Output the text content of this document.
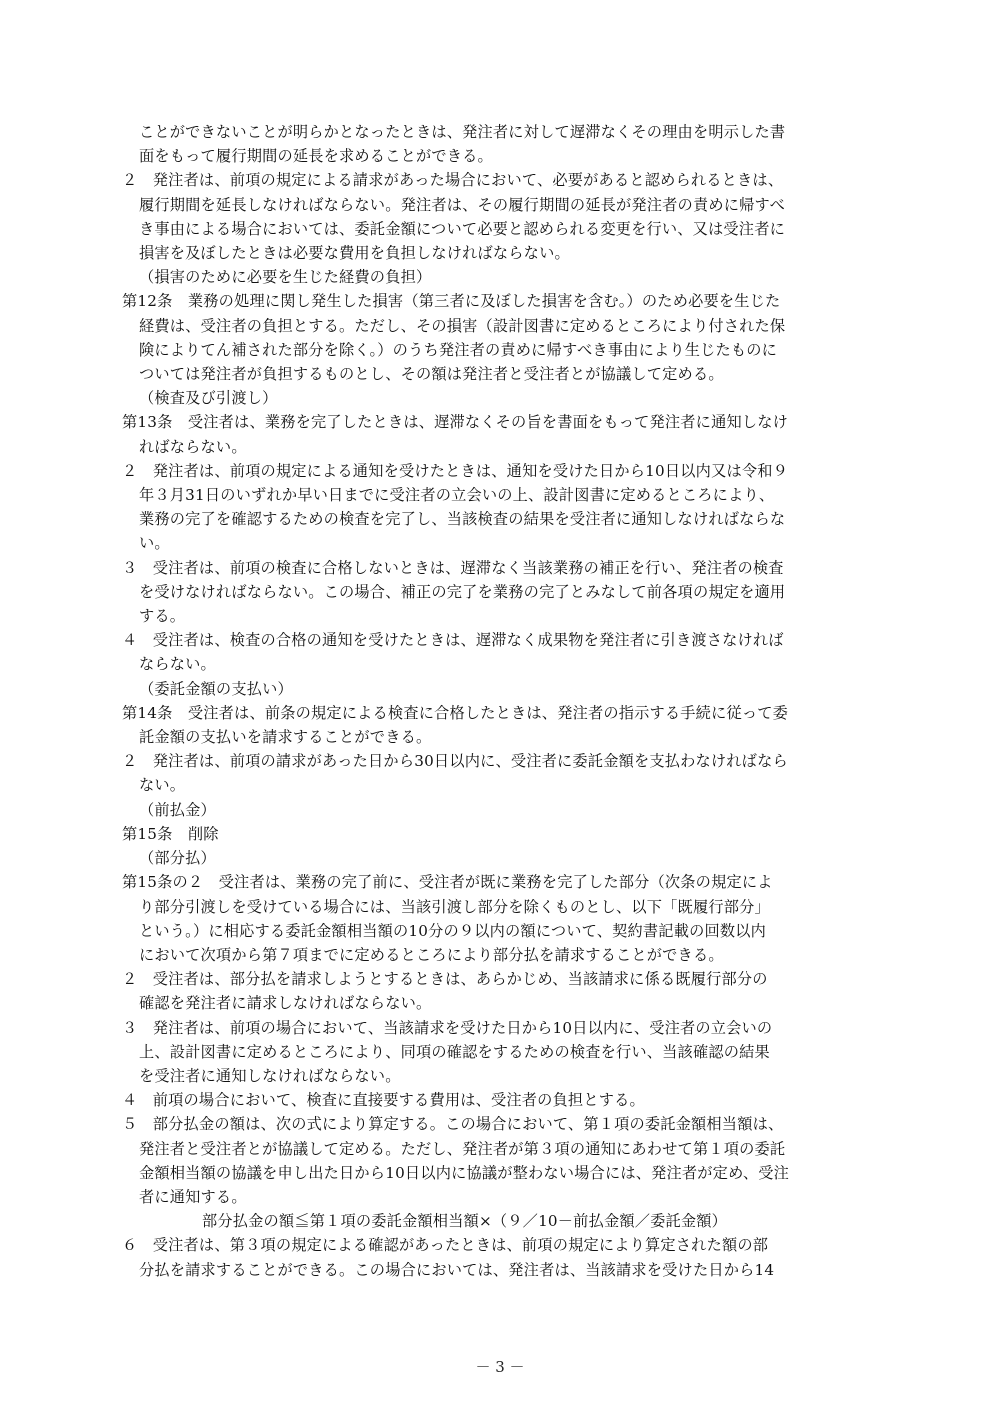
ことができないことが明らかとなったときは、発注者に対して遅滞なくその理由を明示した書
面をもって履行期間の延長を求めることができる。
２　発注者は、前項の規定による請求があった場合において、必要があると認められるときは、
履行期間を延長しなければならない。発注者は、その履行期間の延長が発注者の責めに帰すべ
き事由による場合においては、委託金額について必要と認められる変更を行い、又は受注者に
損害を及ぼしたときは必要な費用を負担しなければならない。
（損害のために必要を生じた経費の負担）
第12条　業務の処理に関し発生した損害（第三者に及ぼした損害を含む。）のため必要を生じた
経費は、受注者の負担とする。ただし、その損害（設計図書に定めるところにより付された保
険によりてん補された部分を除く。）のうち発注者の責めに帰すべき事由により生じたものに
ついては発注者が負担するものとし、その額は発注者と受注者とが協議して定める。
（検査及び引渡し）
第13条　受注者は、業務を完了したときは、遅滞なくその旨を書面をもって発注者に通知しなけ
ればならない。
２　発注者は、前項の規定による通知を受けたときは、通知を受けた日から10日以内又は令和９
年３月31日のいずれか早い日までに受注者の立会いの上、設計図書に定めるところにより、
業務の完了を確認するための検査を完了し、当該検査の結果を受注者に通知しなければならな
い。
３　受注者は、前項の検査に合格しないときは、遅滞なく当該業務の補正を行い、発注者の検査
を受けなければならない。この場合、補正の完了を業務の完了とみなして前各項の規定を適用
する。
４　受注者は、検査の合格の通知を受けたときは、遅滞なく成果物を発注者に引き渡さなければ
ならない。
（委託金額の支払い）
第14条　受注者は、前条の規定による検査に合格したときは、発注者の指示する手続に従って委
託金額の支払いを請求することができる。
２　発注者は、前項の請求があった日から30日以内に、受注者に委託金額を支払わなければなら
ない。
（前払金）
第15条　削除
（部分払）
第15条の２　受注者は、業務の完了前に、受注者が既に業務を完了した部分（次条の規定によ
り部分引渡しを受けている場合には、当該引渡し部分を除くものとし、以下「既履行部分」
という。）に相応する委託金額相当額の10分の９以内の額について、契約書記載の回数以内
において次項から第７項までに定めるところにより部分払を請求することができる。
２　受注者は、部分払を請求しようとするときは、あらかじめ、当該請求に係る既履行部分の
確認を発注者に請求しなければならない。
３　発注者は、前項の場合において、当該請求を受けた日から10日以内に、受注者の立会いの
上、設計図書に定めるところにより、同項の確認をするための検査を行い、当該確認の結果
を受注者に通知しなければならない。
４　前項の場合において、検査に直接要する費用は、受注者の負担とする。
５　部分払金の額は、次の式により算定する。この場合において、第１項の委託金額相当額は、
発注者と受注者とが協議して定める。ただし、発注者が第３項の通知にあわせて第１項の委託
金額相当額の協議を申し出た日から10日以内に協議が整わない場合には、発注者が定め、受注
者に通知する。
部分払金の額≦第１項の委託金額相当額×（９／10－前払金額／委託金額）
６　受注者は、第３項の規定による確認があったときは、前項の規定により算定された額の部
分払を請求することができる。この場合においては、発注者は、当該請求を受けた日から14
－ 3 －
